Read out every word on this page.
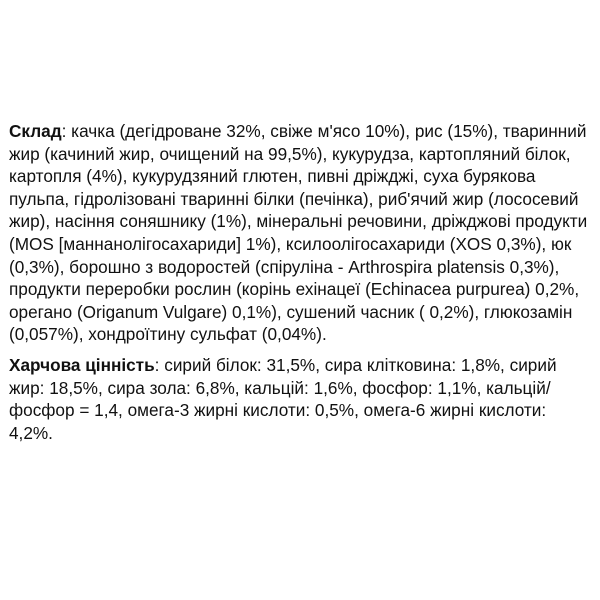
Склад: качка (дегідроване 32%, свіже м'ясо 10%), рис (15%), тваринний жир (качиний жир, очищений на 99,5%), кукурудза, картопляний білок, картопля (4%), кукурудзяний глютен, пивні дріжджі, суха бурякова пульпа, гідролізовані тваринні білки (печінка), риб'ячий жир (лососевий жир), насіння соняшнику (1%), мінеральні речовини, дріжджові продукти (MOS [маннанолігосахариди] 1%), ксилоолігосахариди (XOS 0,3%), юк (0,3%), борошно з водоростей (спіруліна - Arthrospira platensis 0,3%), продукти переробки рослин (корінь ехінацеї (Echinacea purpurea) 0,2%, орегано (Origanum Vulgare) 0,1%), сушений часник ( 0,2%), глюкозамін (0,057%), хондроїтину сульфат (0,04%).

Харчова цінність: сирий білок: 31,5%, сира клітковина: 1,8%, сирий жир: 18,5%, сира зола: 6,8%, кальцій: 1,6%, фосфор: 1,1%, кальцій/фосфор = 1,4, омега-3 жирні кислоти: 0,5%, омега-6 жирні кислоти: 4,2%.
